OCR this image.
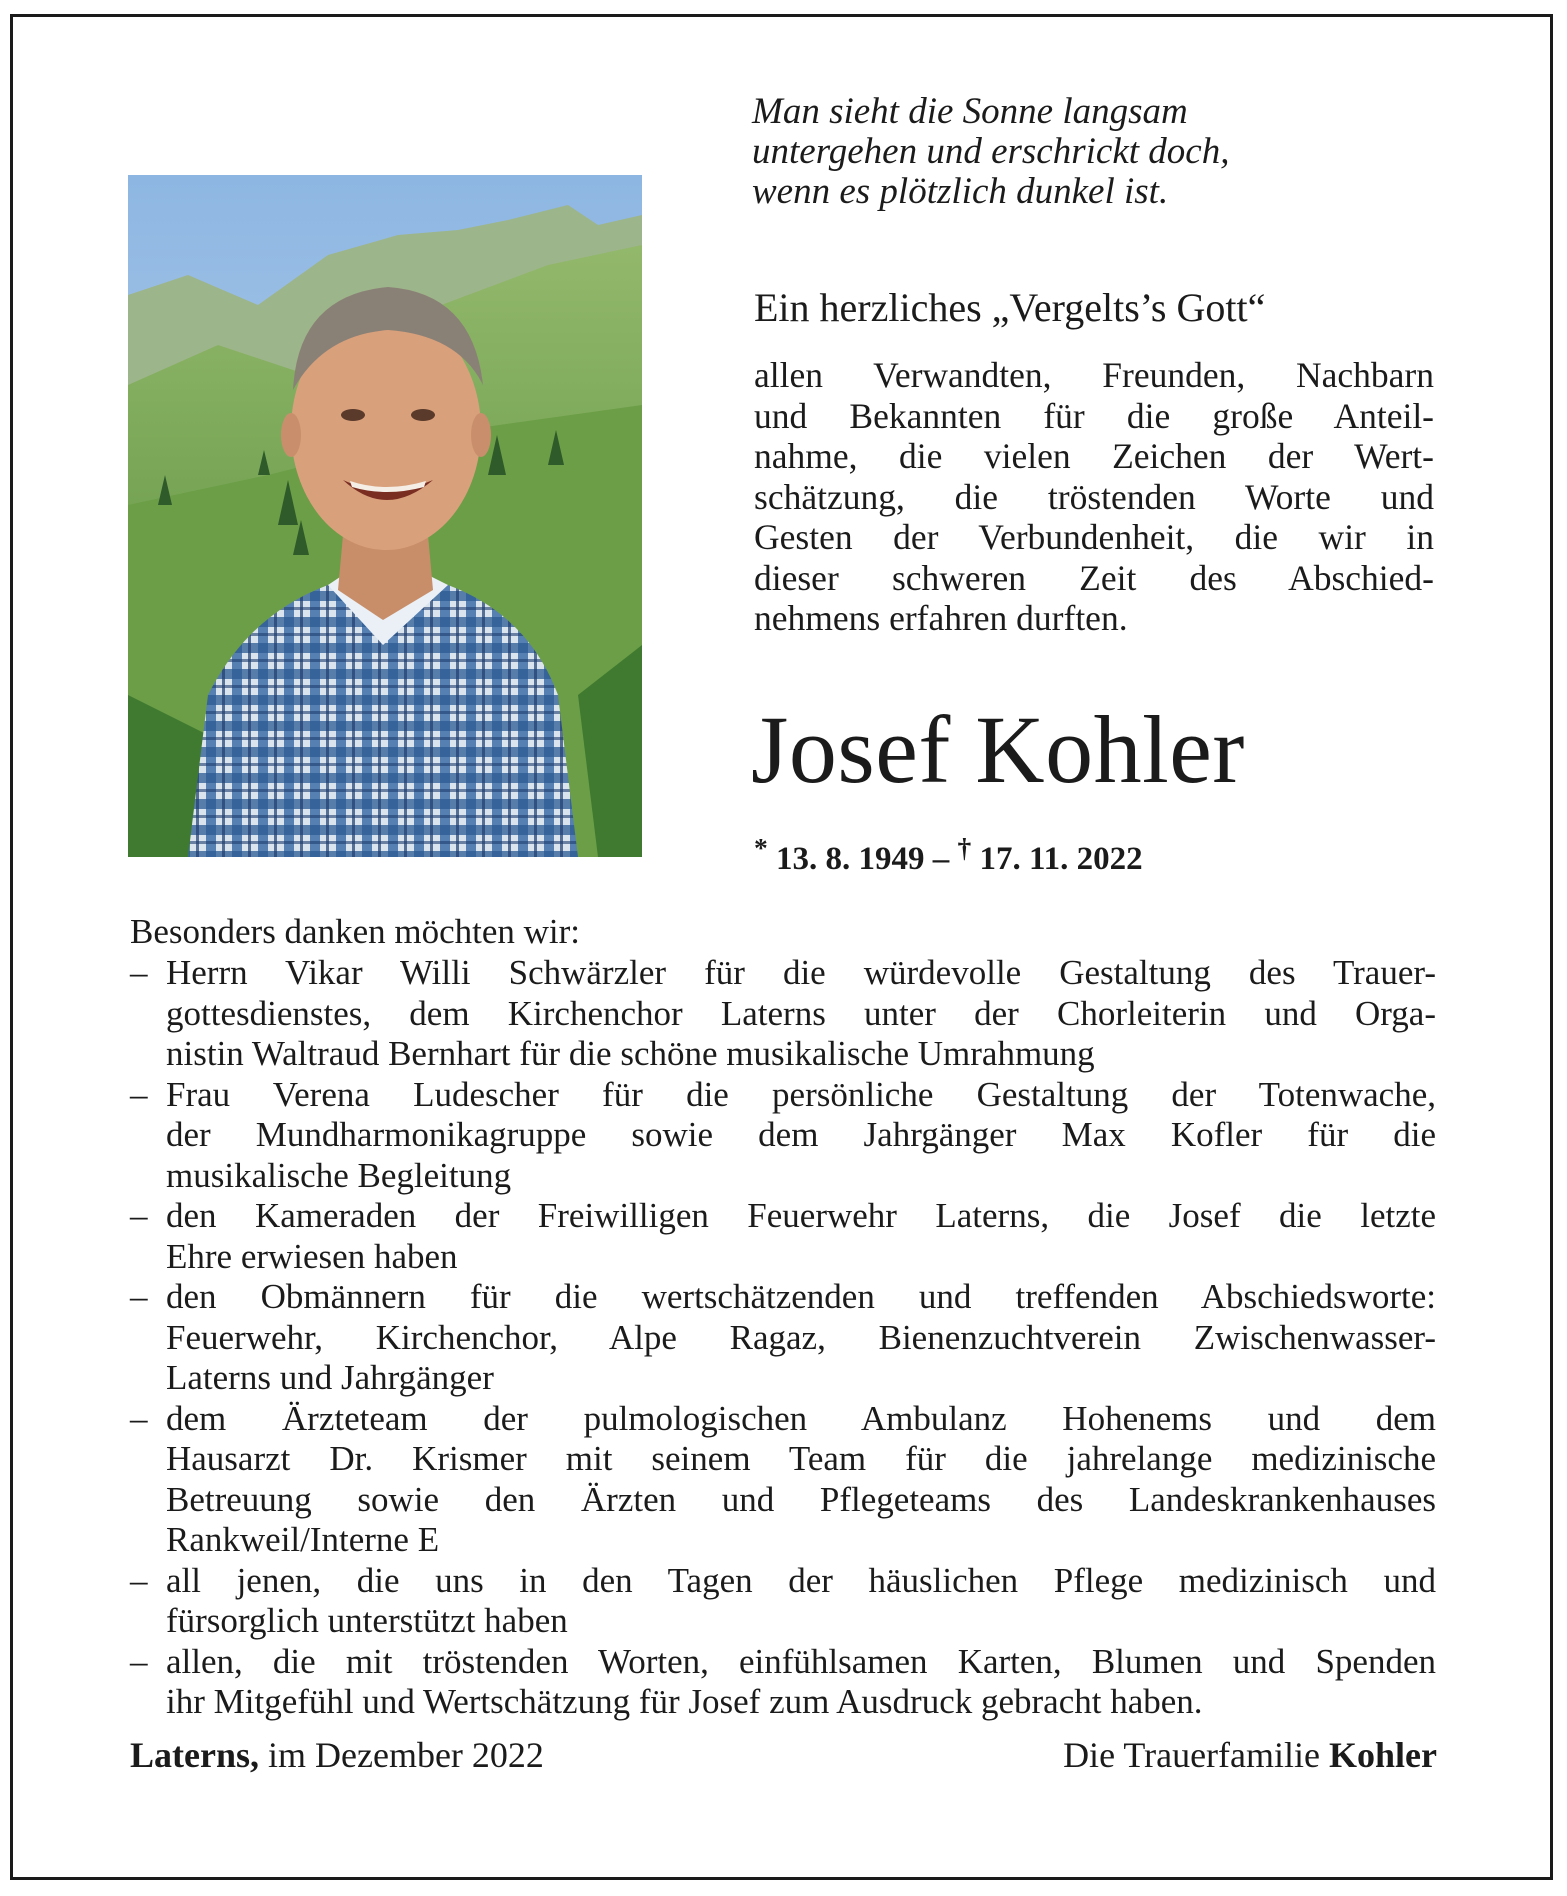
Man sieht die Sonne langsam
untergehen und erschrickt doch,
wenn es plötzlich dunkel ist.
Ein herzliches „Vergelts’s Gott“
allen Verwandten, Freunden, Nachbarn
und Bekannten für die große Anteil-
nahme, die vielen Zeichen der Wert-
schätzung, die tröstenden Worte und
Gesten der Verbundenheit, die wir in
dieser schweren Zeit des Abschied-
nehmens erfahren durften.
Josef Kohler
* 13. 8. 1949 – † 17. 11. 2022

Besonders danken möchten wir:

– Herrn Vikar Willi Schwärzler für die würdevolle Gestaltung des Trauer-
gottesdienstes, dem Kirchenchor Laterns unter der Chorleiterin und Orga-
nistin Waltraud Bernhart für die schöne musikalische Umrahmung
– Frau Verena Ludescher für die persönliche Gestaltung der Totenwache,
der Mundharmonikagruppe sowie dem Jahrgänger Max Kofler für die
musikalische Begleitung
– den Kameraden der Freiwilligen Feuerwehr Laterns, die Josef die letzte
Ehre erwiesen haben
– den Obmännern für die wertschätzenden und treffenden Abschiedsworte:
Feuerwehr, Kirchenchor, Alpe Ragaz, Bienenzuchtverein Zwischenwasser-
Laterns und Jahrgänger
– dem Ärzteteam der pulmologischen Ambulanz Hohenems und dem
Hausarzt Dr. Krismer mit seinem Team für die jahrelange medizinische
Betreuung sowie den Ärzten und Pflegeteams des Landeskrankenhauses
Rankweil/Interne E
– all jenen, die uns in den Tagen der häuslichen Pflege medizinisch und
fürsorglich unterstützt haben
– allen, die mit tröstenden Worten, einfühlsamen Karten, Blumen und Spenden
ihr Mitgefühl und Wertschätzung für Josef zum Ausdruck gebracht haben.
Laterns, im Dezember 2022	Die Trauerfamilie Kohler
